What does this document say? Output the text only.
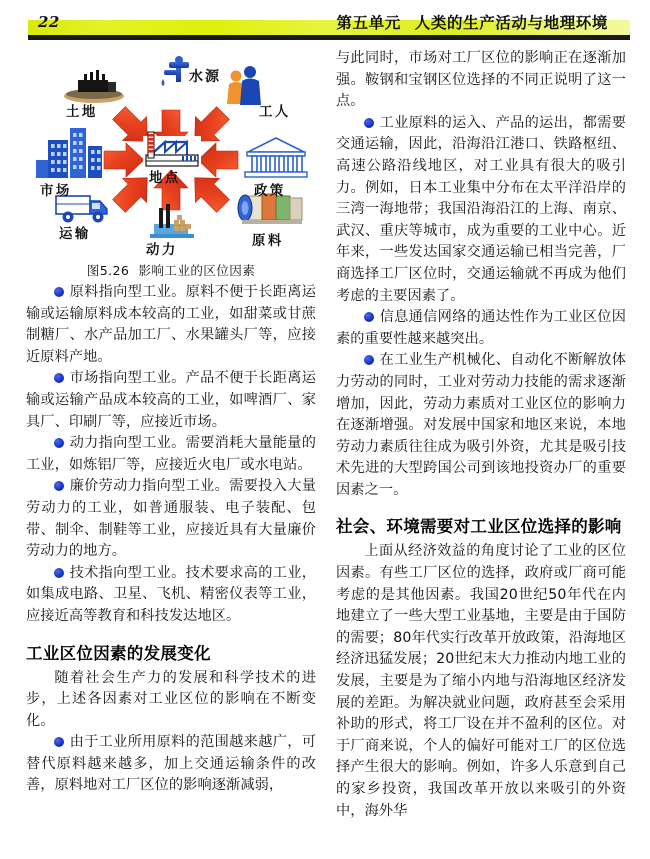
22	第五单元 人类的生产活动与地理环境
水源
土地	工人
市场	政策
运输	原料
动力
地点
图5.26 影响工业的区位因素

原料指向型工业。原料不便于长距离运输或运输原料成本较高的工业，如甜菜或甘蔗制糖厂、水产品加工厂、水果罐头厂等，应接近原料产地。

市场指向型工业。产品不便于长距离运输或运输产品成本较高的工业，如啤酒厂、家具厂、印刷厂等，应接近市场。

动力指向型工业。需要消耗大量能量的工业，如炼铝厂等，应接近火电厂或水电站。

廉价劳动力指向型工业。需要投入大量劳动力的工业，如普通服装、电子装配、包带、制伞、制鞋等工业，应接近具有大量廉价劳动力的地方。

技术指向型工业。技术要求高的工业，如集成电路、卫星、飞机、精密仪表等工业，应接近高等教育和科技发达地区。

工业区位因素的发展变化

随着社会生产力的发展和科学技术的进步，上述各因素对工业区位的影响在不断变化。

由于工业所用原料的范围越来越广，可替代原料越来越多，加上交通运输条件的改善，原料地对工厂区位的影响逐渐减弱，

与此同时，市场对工厂区位的影响正在逐渐加强。鞍钢和宝钢区位选择的不同正说明了这一点。

工业原料的运入、产品的运出，都需要交通运输，因此，沿海沿江港口、铁路枢纽、高速公路沿线地区，对工业具有很大的吸引力。例如，日本工业集中分布在太平洋沿岸的三湾一海地带；我国沿海沿江的上海、南京、武汉、重庆等城市，成为重要的工业中心。近年来，一些发达国家交通运输已相当完善，厂商选择工厂区位时，交通运输就不再成为他们考虑的主要因素了。

信息通信网络的通达性作为工业区位因素的重要性越来越突出。

在工业生产机械化、自动化不断解放体力劳动的同时，工业对劳动力技能的需求逐渐增加，因此，劳动力素质对工业区位的影响力在逐渐增强。对发展中国家和地区来说，本地劳动力素质往往成为吸引外资，尤其是吸引技术先进的大型跨国公司到该地投资办厂的重要因素之一。

社会、环境需要对工业区位选择的影响

上面从经济效益的角度讨论了工业的区位因素。有些工厂区位的选择，政府或厂商可能考虑的是其他因素。我国20世纪50年代在内地建立了一些大型工业基地，主要是由于国防的需要；80年代实行改革开放政策，沿海地区经济迅猛发展；20世纪末大力推动内地工业的发展，主要是为了缩小内地与沿海地区经济发展的差距。为解决就业问题，政府甚至会采用补助的形式，将工厂设在并不盈利的区位。对于厂商来说，个人的偏好可能对工厂的区位选择产生很大的影响。例如，许多人乐意到自己的家乡投资，我国改革开放以来吸引的外资中，海外华
